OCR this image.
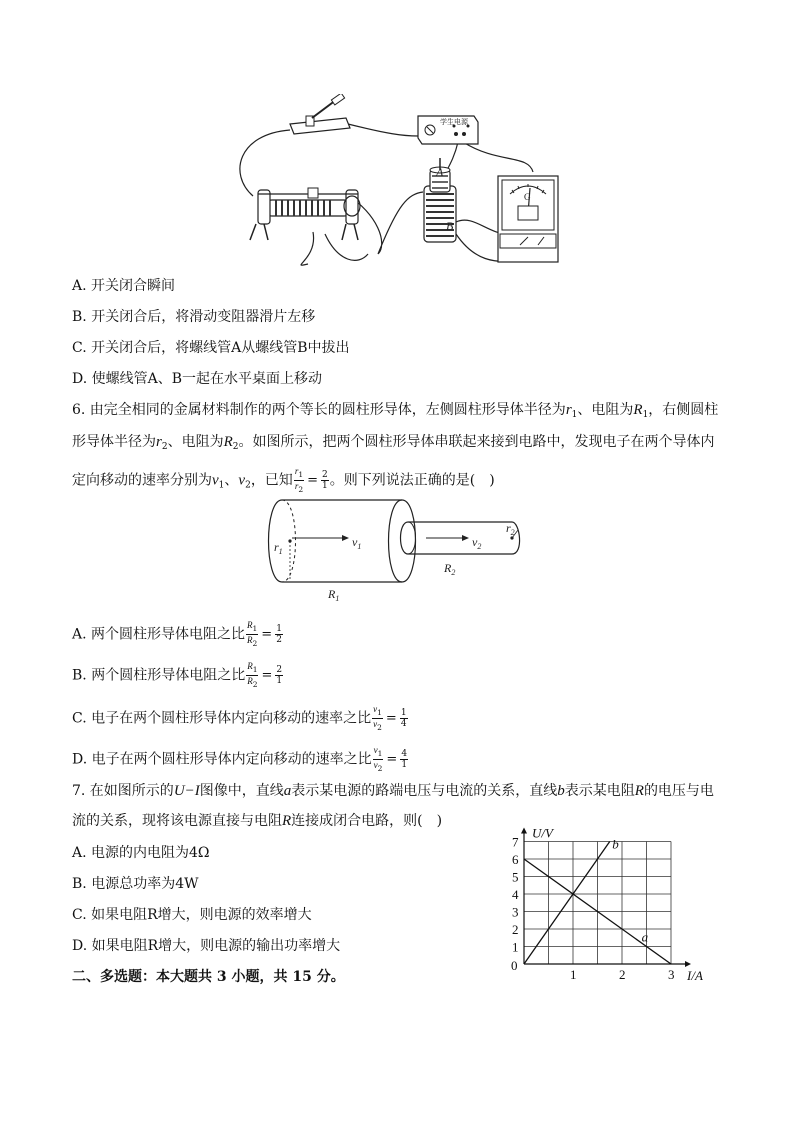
学生电源
A
B
G
A. 开关闭合瞬间
B. 开关闭合后，将滑动变阻器滑片左移
C. 开关闭合后，将螺线管A从螺线管B中拔出
D. 使螺线管A、B一起在水平桌面上移动
6. 由完全相同的金属材料制作的两个等长的圆柱形导体，左侧圆柱形导体半径为$r_1$、电阻为$R_1$，右侧圆柱
形导体半径为$r_2$、电阻为$R_2$。如图所示，把两个圆柱形导体串联起来接到电路中，发现电子在两个导体内
定向移动的速率分别为$v_1$、$v_2$，已知 $\frac{r_1}{r_2} = \frac{2}{1}$ 。则下列说法正确的是(　)
$r_1$
$v_1$	$v_2$
$r_2$
$R_2$
$R_1$
A. 两个圆柱形导体电阻之比 $\frac{R_1}{R_2} = \frac{1}{2}$
B. 两个圆柱形导体电阻之比 $\frac{R_1}{R_2} = \frac{2}{1}$
C. 电子在两个圆柱形导体内定向移动的速率之比 $\frac{v_1}{v_2} = \frac{1}{4}$
D. 电子在两个圆柱形导体内定向移动的速率之比 $\frac{v_1}{v_2} = \frac{4}{1}$
7. 在如图所示的U−I图像中，直线a表示某电源的路端电压与电流的关系，直线b表示某电阻R的电压与电
流的关系，现将该电源直接与电阻R连接成闭合电路，则(　)
A. 电源的内电阻为4Ω
B. 电源总功率为4W
C. 如果电阻R增大，则电源的效率增大
D. 如果电阻R增大，则电源的输出功率增大
二、多选题：本大题共 3 小题，共 15 分。
1
2
3
4
5
6
7
0
1	2	3 I/A
U/V
a
b
